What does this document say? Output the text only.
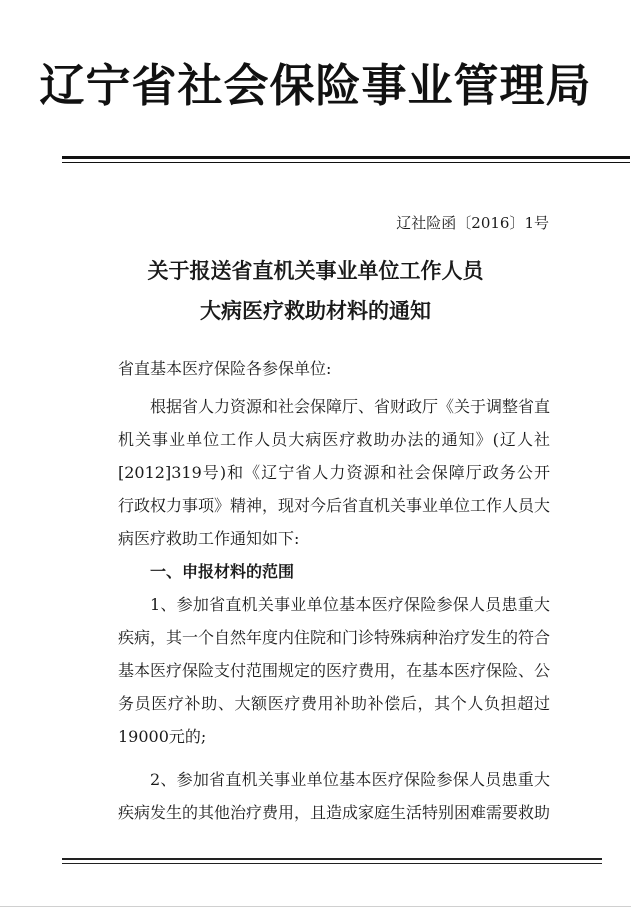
辽宁省社会保险事业管理局
辽社险函〔2016〕1号
关于报送省直机关事业单位工作人员
大病医疗救助材料的通知
省直基本医疗保险各参保单位:
根据省人力资源和社会保障厅、省财政厅《关于调整省直
机关事业单位工作人员大病医疗救助办法的通知》(辽人社
[2012]319号)和《辽宁省人力资源和社会保障厅政务公开
行政权力事项》精神，现对今后省直机关事业单位工作人员大
病医疗救助工作通知如下:
一、申报材料的范围
1、参加省直机关事业单位基本医疗保险参保人员患重大
疾病，其一个自然年度内住院和门诊特殊病种治疗发生的符合
基本医疗保险支付范围规定的医疗费用，在基本医疗保险、公
务员医疗补助、大额医疗费用补助补偿后，其个人负担超过
19000元的;
2、参加省直机关事业单位基本医疗保险参保人员患重大
疾病发生的其他治疗费用，且造成家庭生活特别困难需要救助
